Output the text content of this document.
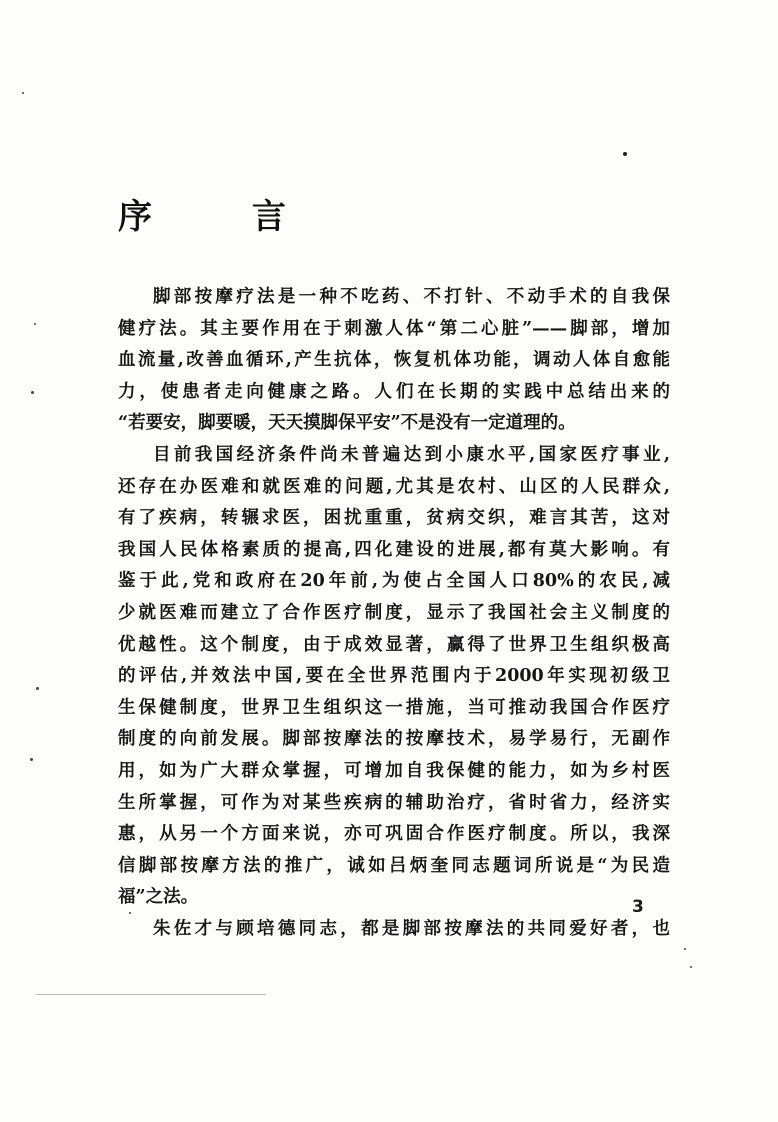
序 言
脚部按摩疗法是一种不吃药、不打针、不动手术的自我保
健疗法。其主要作用在于刺激人体“第二心脏”——脚部，增加
血流量,改善血循环,产生抗体，恢复机体功能，调动人体自愈能
力，使患者走向健康之路。人们在长期的实践中总结出来的
“若要安，脚要暖，天天摸脚保平安”不是没有一定道理的。
目前我国经济条件尚未普遍达到小康水平,国家医疗事业,
还存在办医难和就医难的问题,尤其是农村、山区的人民群众,
有了疾病，转辗求医，困扰重重，贫病交织，难言其苦，这对
我国人民体格素质的提高,四化建设的进展,都有莫大影响。有
鉴于此,党和政府在20年前,为使占全国人口80%的农民,减
少就医难而建立了合作医疗制度，显示了我国社会主义制度的
优越性。这个制度，由于成效显著，赢得了世界卫生组织极高
的评估,并效法中国,要在全世界范围内于2000年实现初级卫
生保健制度，世界卫生组织这一措施，当可推动我国合作医疗
制度的向前发展。脚部按摩法的按摩技术，易学易行，无副作
用，如为广大群众掌握，可增加自我保健的能力，如为乡村医
生所掌握，可作为对某些疾病的辅助治疗，省时省力，经济实
惠，从另一个方面来说，亦可巩固合作医疗制度。所以，我深
信脚部按摩方法的推广，诚如吕炳奎同志题词所说是“为民造
福”之法。
朱佐才与顾培德同志，都是脚部按摩法的共同爱好者，也
3
